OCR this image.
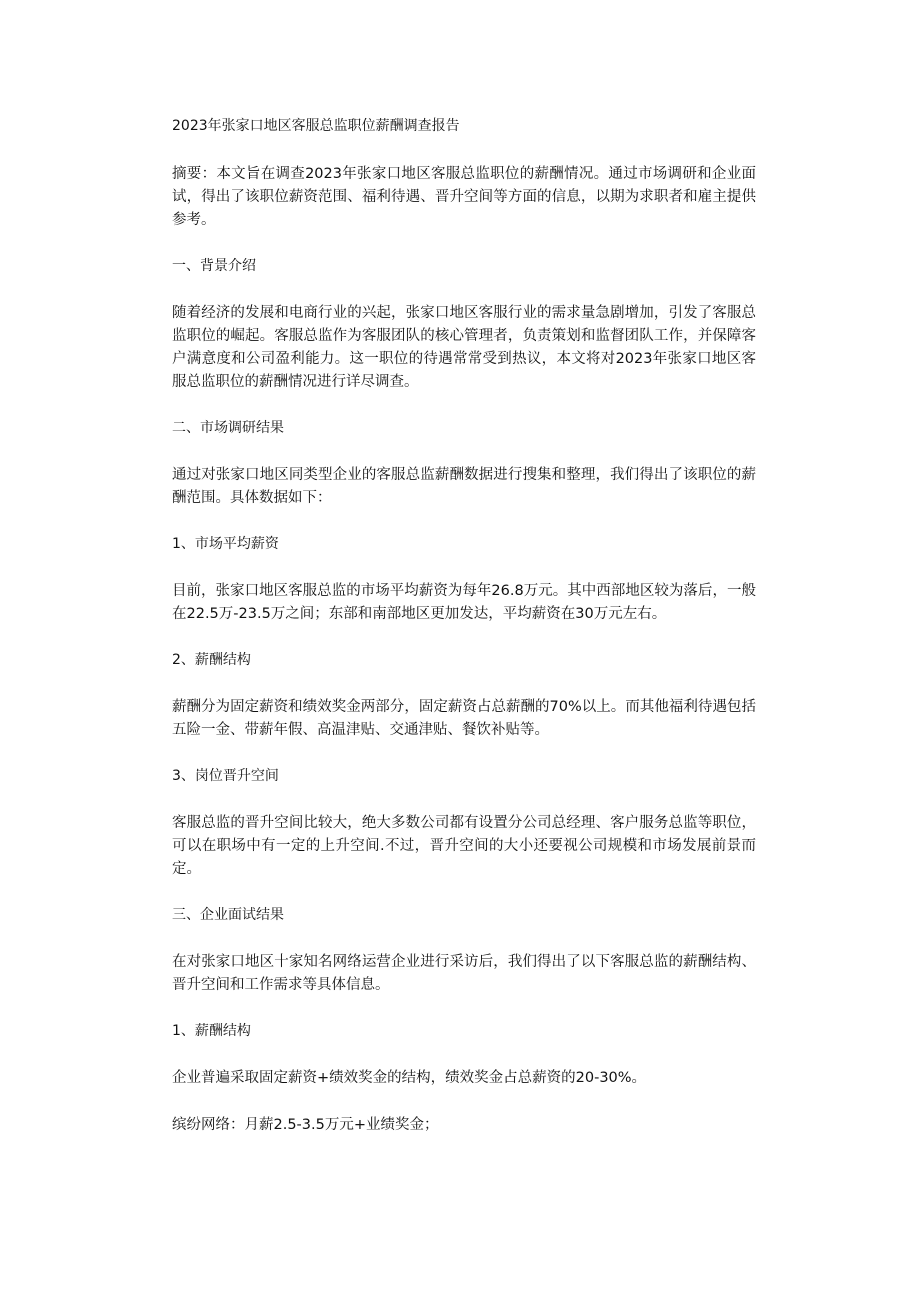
2023年张家口地区客服总监职位薪酬调查报告
摘要：本文旨在调查2023年张家口地区客服总监职位的薪酬情况。通过市场调研和企业面试，得出了该职位薪资范围、福利待遇、晋升空间等方面的信息，以期为求职者和雇主提供参考。
一、背景介绍
随着经济的发展和电商行业的兴起，张家口地区客服行业的需求量急剧增加，引发了客服总监职位的崛起。客服总监作为客服团队的核心管理者，负责策划和监督团队工作，并保障客户满意度和公司盈利能力。这一职位的待遇常常受到热议，本文将对2023年张家口地区客服总监职位的薪酬情况进行详尽调查。
二、市场调研结果
通过对张家口地区同类型企业的客服总监薪酬数据进行搜集和整理，我们得出了该职位的薪酬范围。具体数据如下：
1、市场平均薪资
目前，张家口地区客服总监的市场平均薪资为每年26.8万元。其中西部地区较为落后，一般在22.5万-23.5万之间；东部和南部地区更加发达，平均薪资在30万元左右。
2、薪酬结构
薪酬分为固定薪资和绩效奖金两部分，固定薪资占总薪酬的70%以上。而其他福利待遇包括五险一金、带薪年假、高温津贴、交通津贴、餐饮补贴等。
3、岗位晋升空间
客服总监的晋升空间比较大，绝大多数公司都有设置分公司总经理、客户服务总监等职位，可以在职场中有一定的上升空间.不过，晋升空间的大小还要视公司规模和市场发展前景而定。
三、企业面试结果
在对张家口地区十家知名网络运营企业进行采访后，我们得出了以下客服总监的薪酬结构、晋升空间和工作需求等具体信息。
1、薪酬结构
企业普遍采取固定薪资+绩效奖金的结构，绩效奖金占总薪资的20-30%。
缤纷网络：月薪2.5-3.5万元+业绩奖金；
